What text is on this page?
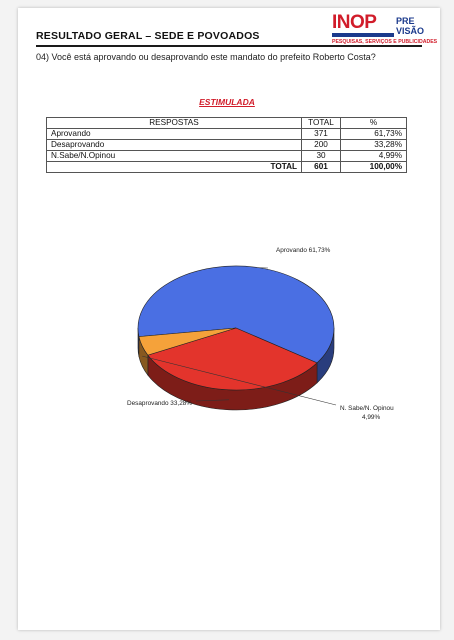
RESULTADO GERAL – SEDE E POVOADOS
INOP PRE VISÃO
PESQUISAS, SERVIÇOS E PUBLICIDADES
04) Você está aprovando ou desaprovando este mandato do prefeito Roberto Costa?
ESTIMULADA
RESPOSTAS	TOTAL	%
Aprovando	371	61,73%
Desaprovando	200	33,28%
N.Sabe/N.Opinou	30	4,99%
TOTAL	601	100,00%
Aprovando 61,73%
Desaprovando 33,28%
N. Sabe/N. Opinou
4,99%
